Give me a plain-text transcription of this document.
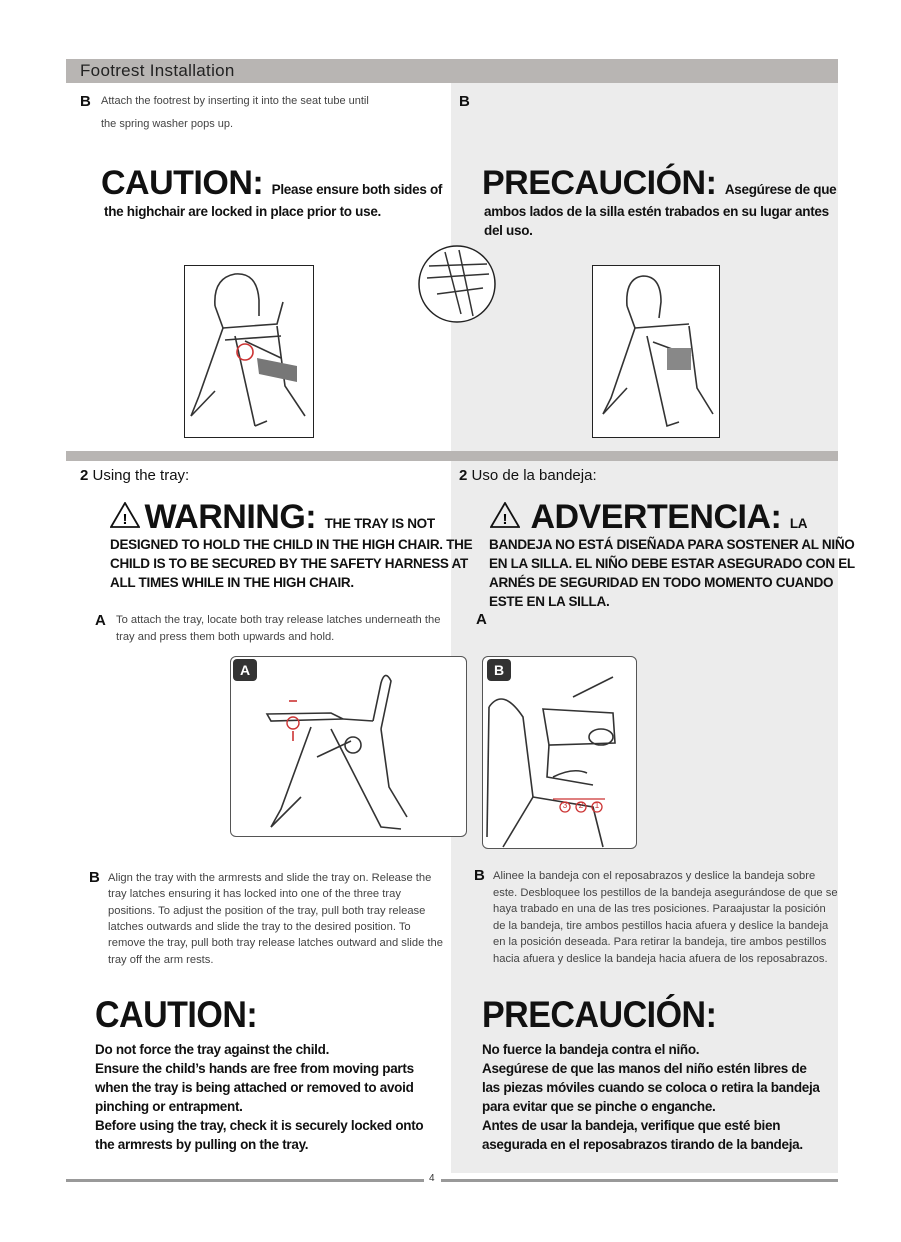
Footrest Installation
B Attach the footrest by inserting it into the seat tube until
the spring washer pops up.
CAUTION: Please ensure both sides of
the highchair are locked in place prior to use.
B
PRECAUCIÓN: Asegúrese de que
ambos lados de la silla estén trabados en su lugar antes
del uso.
2 Using the tray:
! WARNING: THE TRAY IS NOT
DESIGNED TO HOLD THE CHILD IN THE HIGH CHAIR. THE
CHILD IS TO BE SECURED BY THE SAFETY HARNESS AT
ALL TIMES WHILE IN THE HIGH CHAIR.
A To attach the tray, locate both tray release latches underneath the
tray and press them both upwards and hold.
A
B Align the tray with the armrests and slide the tray on. Release the
tray latches ensuring it has locked into one of the three tray
positions. To adjust the position of the tray, pull both tray release
latches outwards and slide the tray to the desired position. To
remove the tray, pull both tray release latches outward and slide the
tray off the arm rests.
CAUTION:
Do not force the tray against the child.
Ensure the child’s hands are free from moving parts
when the tray is being attached or removed to avoid
pinching or entrapment.
Before using the tray, check it is securely locked onto
the armrests by pulling on the tray.
2 Uso de la bandeja:
! ADVERTENCIA: LA
BANDEJA NO ESTÁ DISEÑADA PARA SOSTENER AL NIÑO
EN LA SILLA. EL NIÑO DEBE ESTAR ASEGURADO CON EL
ARNÉS DE SEGURIDAD EN TODO MOMENTO CUANDO
ESTE EN LA SILLA.
A
B
3	2	1
B Alinee la bandeja con el reposabrazos y deslice la bandeja sobre
este. Desbloquee los pestillos de la bandeja asegurándose de que se
haya trabado en una de las tres posiciones. Paraajustar la posición
de la bandeja, tire ambos pestillos hacia afuera y deslice la bandeja
en la posición deseada. Para retirar la bandeja, tire ambos pestillos
hacia afuera y deslice la bandeja hacia afuera de los reposabrazos.
PRECAUCIÓN:
No fuerce la bandeja contra el niño.
Asegúrese de que las manos del niño estén libres de
las piezas móviles cuando se coloca o retira la bandeja
para evitar que se pinche o enganche.
Antes de usar la bandeja, verifique que esté bien
asegurada en el reposabrazos tirando de la bandeja.
4
